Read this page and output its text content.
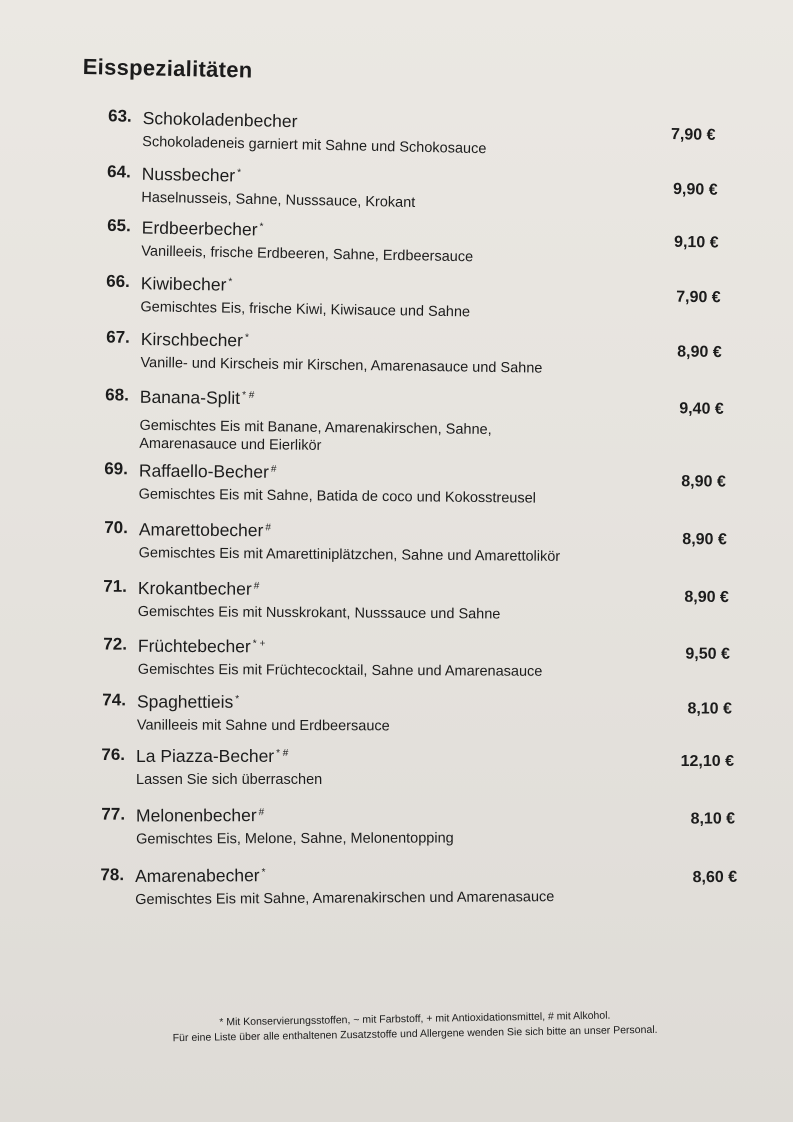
Eisspezialitäten
63. Schokoladenbecher
Schokoladeneis garniert mit Sahne und Schokosauce	7,90 €
64. Nussbecher *
Haselnusseis, Sahne, Nusssauce, Krokant	9,90 €
65. Erdbeerbecher *
Vanilleeis, frische Erdbeeren, Sahne, Erdbeersauce
9,10 €
66. Kiwibecher *
Gemischtes Eis, frische Kiwi, Kiwisauce und Sahne
7,90 €
67. Kirschbecher *
Vanille- und Kirscheis mir Kirschen, Amarenasauce und Sahne
8,90 €
68. Banana-Split * #
Gemischtes Eis mit Banane, Amarenakirschen, Sahne, Amarenasauce und Eierlikör
9,40 €
69. Raffaello-Becher #
Gemischtes Eis mit Sahne, Batida de coco und Kokosstreusel
8,90 €
70. Amarettobecher #
Gemischtes Eis mit Amarettiniplätzchen, Sahne und Amarettolikör
8,90 €
71. Krokantbecher #
Gemischtes Eis mit Nusskrokant, Nusssauce und Sahne
8,90 €
72. Früchtebecher * +
Gemischtes Eis mit Früchtecocktail, Sahne und Amarenasauce
9,50 €
74. Spaghettieis *
Vanilleeis mit Sahne und Erdbeersauce
8,10 €
76. La Piazza-Becher * #
Lassen Sie sich überraschen
12,10 €
77. Melonenbecher #
Gemischtes Eis, Melone, Sahne, Melonentopping
8,10 €
78. Amarenabecher *
Gemischtes Eis mit Sahne, Amarenakirschen und Amarenasauce
8,60 €
* Mit Konservierungsstoffen, ~ mit Farbstoff, + mit Antioxidationsmittel, # mit Alkohol.
Für eine Liste über alle enthaltenen Zusatzstoffe und Allergene wenden Sie sich bitte an unser Personal.
